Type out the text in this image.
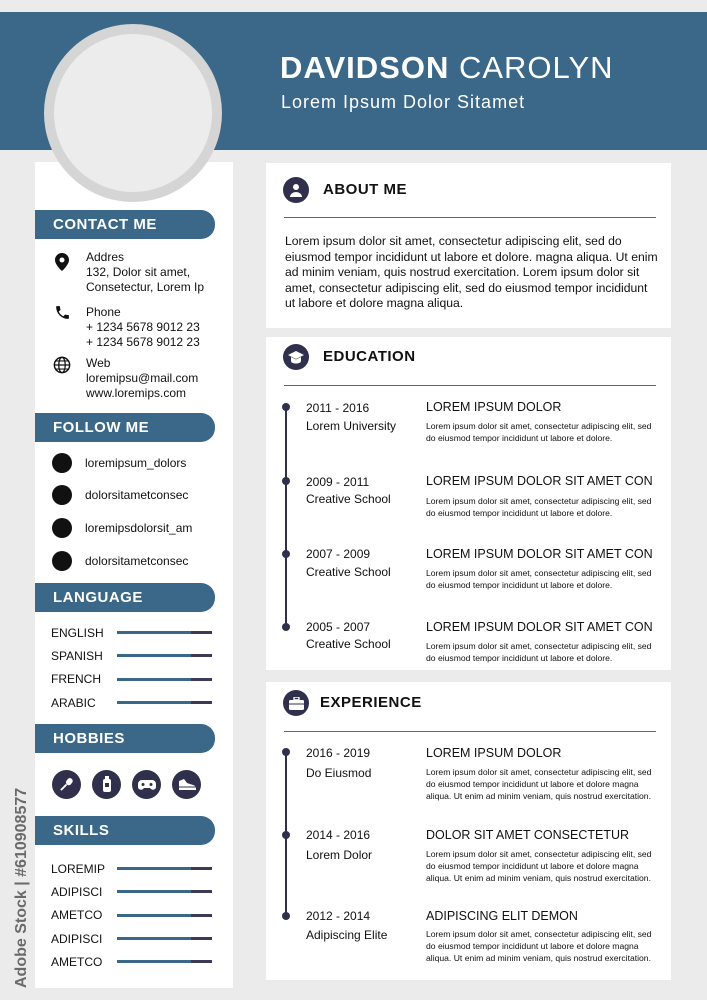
DAVIDSON CAROLYN
Lorem Ipsum Dolor Sitamet
CONTACT ME
Addres
132, Dolor sit amet,
Consetectur, Lorem Ip
Phone
+ 1234 5678 9012 23
+ 1234 5678 9012 23
Web
loremipsu@mail.com
www.loremips.com
FOLLOW ME
loremipsum_dolors
dolorsitametconsec
loremipsdolorsit_am
dolorsitametconsec
LANGUAGE
ENGLISH
SPANISH
FRENCH
ARABIC
HOBBIES
SKILLS
LOREMIP
ADIPISCI
AMETCO
ADIPISCI
AMETCO
ABOUT ME
Lorem ipsum dolor sit amet, consectetur adipiscing elit, sed do eiusmod tempor incididunt ut labore et dolore. magna aliqua. Ut enim ad minim veniam, quis nostrud exercitation. Lorem ipsum dolor sit amet, consectetur adipiscing elit, sed do eiusmod tempor incididunt ut labore et dolore magna aliqua.
EDUCATION
2011 - 2016
Lorem University
LOREM IPSUM DOLOR
Lorem ipsum dolor sit amet, consectetur adipiscing elit, sed do eiusmod tempor incididunt ut labore et dolore.
2009 - 2011
Creative School
LOREM IPSUM DOLOR SIT AMET CON
Lorem ipsum dolor sit amet, consectetur adipiscing elit, sed do eiusmod tempor incididunt ut labore et dolore.
2007 - 2009
Creative School
LOREM IPSUM DOLOR SIT AMET CON
Lorem ipsum dolor sit amet, consectetur adipiscing elit, sed do eiusmod tempor incididunt ut labore et dolore.
2005 - 2007
Creative School
LOREM IPSUM DOLOR SIT AMET CON
Lorem ipsum dolor sit amet, consectetur adipiscing elit, sed do eiusmod tempor incididunt ut labore et dolore.
EXPERIENCE
2016 - 2019
Do Eiusmod
LOREM IPSUM DOLOR
Lorem ipsum dolor sit amet, consectetur adipiscing elit, sed do eiusmod tempor incididunt ut labore et dolore magna aliqua. Ut enim ad minim veniam, quis nostrud exercitation.
2014 - 2016
Lorem Dolor
DOLOR SIT AMET CONSECTETUR
Lorem ipsum dolor sit amet, consectetur adipiscing elit, sed do eiusmod tempor incididunt ut labore et dolore magna aliqua. Ut enim ad minim veniam, quis nostrud exercitation.
2012 - 2014
Adipiscing Elite
ADIPISCING ELIT DEMON
Lorem ipsum dolor sit amet, consectetur adipiscing elit, sed do eiusmod tempor incididunt ut labore et dolore magna aliqua. Ut enim ad minim veniam, quis nostrud exercitation.
Adobe Stock | #610908577
